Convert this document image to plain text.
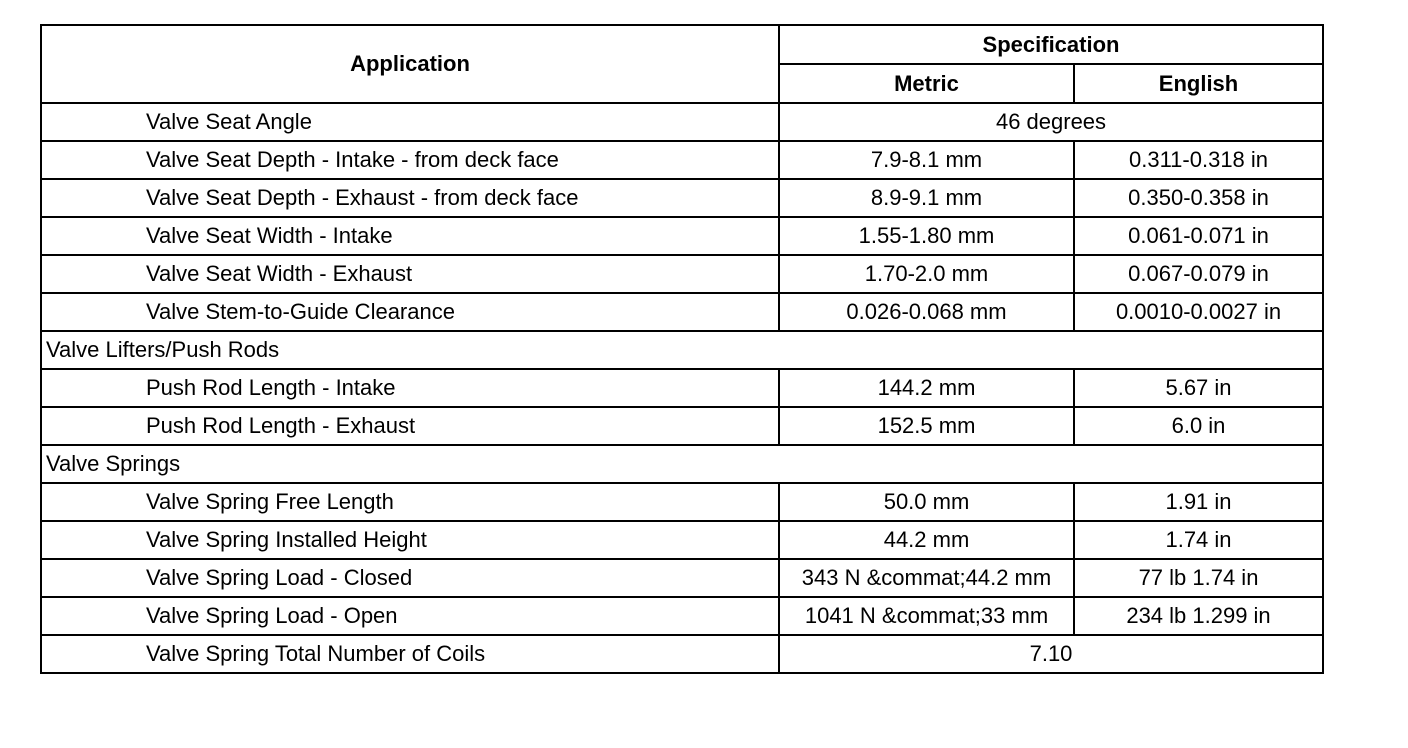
Application	Specification	
	Metric	English
Valve Seat Angle	46 degrees	
Valve Seat Depth - Intake - from deck face	7.9-8.1 mm	0.311-0.318 in
Valve Seat Depth - Exhaust - from deck face	8.9-9.1 mm	0.350-0.358 in
Valve Seat Width - Intake	1.55-1.80 mm	0.061-0.071 in
Valve Seat Width - Exhaust	1.70-2.0 mm	0.067-0.079 in
Valve Stem-to-Guide Clearance	0.026-0.068 mm	0.0010-0.0027 in
Valve Lifters/Push Rods		
Push Rod Length - Intake	144.2 mm	5.67 in
Push Rod Length - Exhaust	152.5 mm	6.0 in
Valve Springs		
Valve Spring Free Length	50.0 mm	1.91 in
Valve Spring Installed Height	44.2 mm	1.74 in
Valve Spring Load - Closed	343 N &commat;44.2 mm	77 lb 1.74 in
Valve Spring Load - Open	1041 N &commat;33 mm	234 lb 1.299 in
Valve Spring Total Number of Coils	7.10	
